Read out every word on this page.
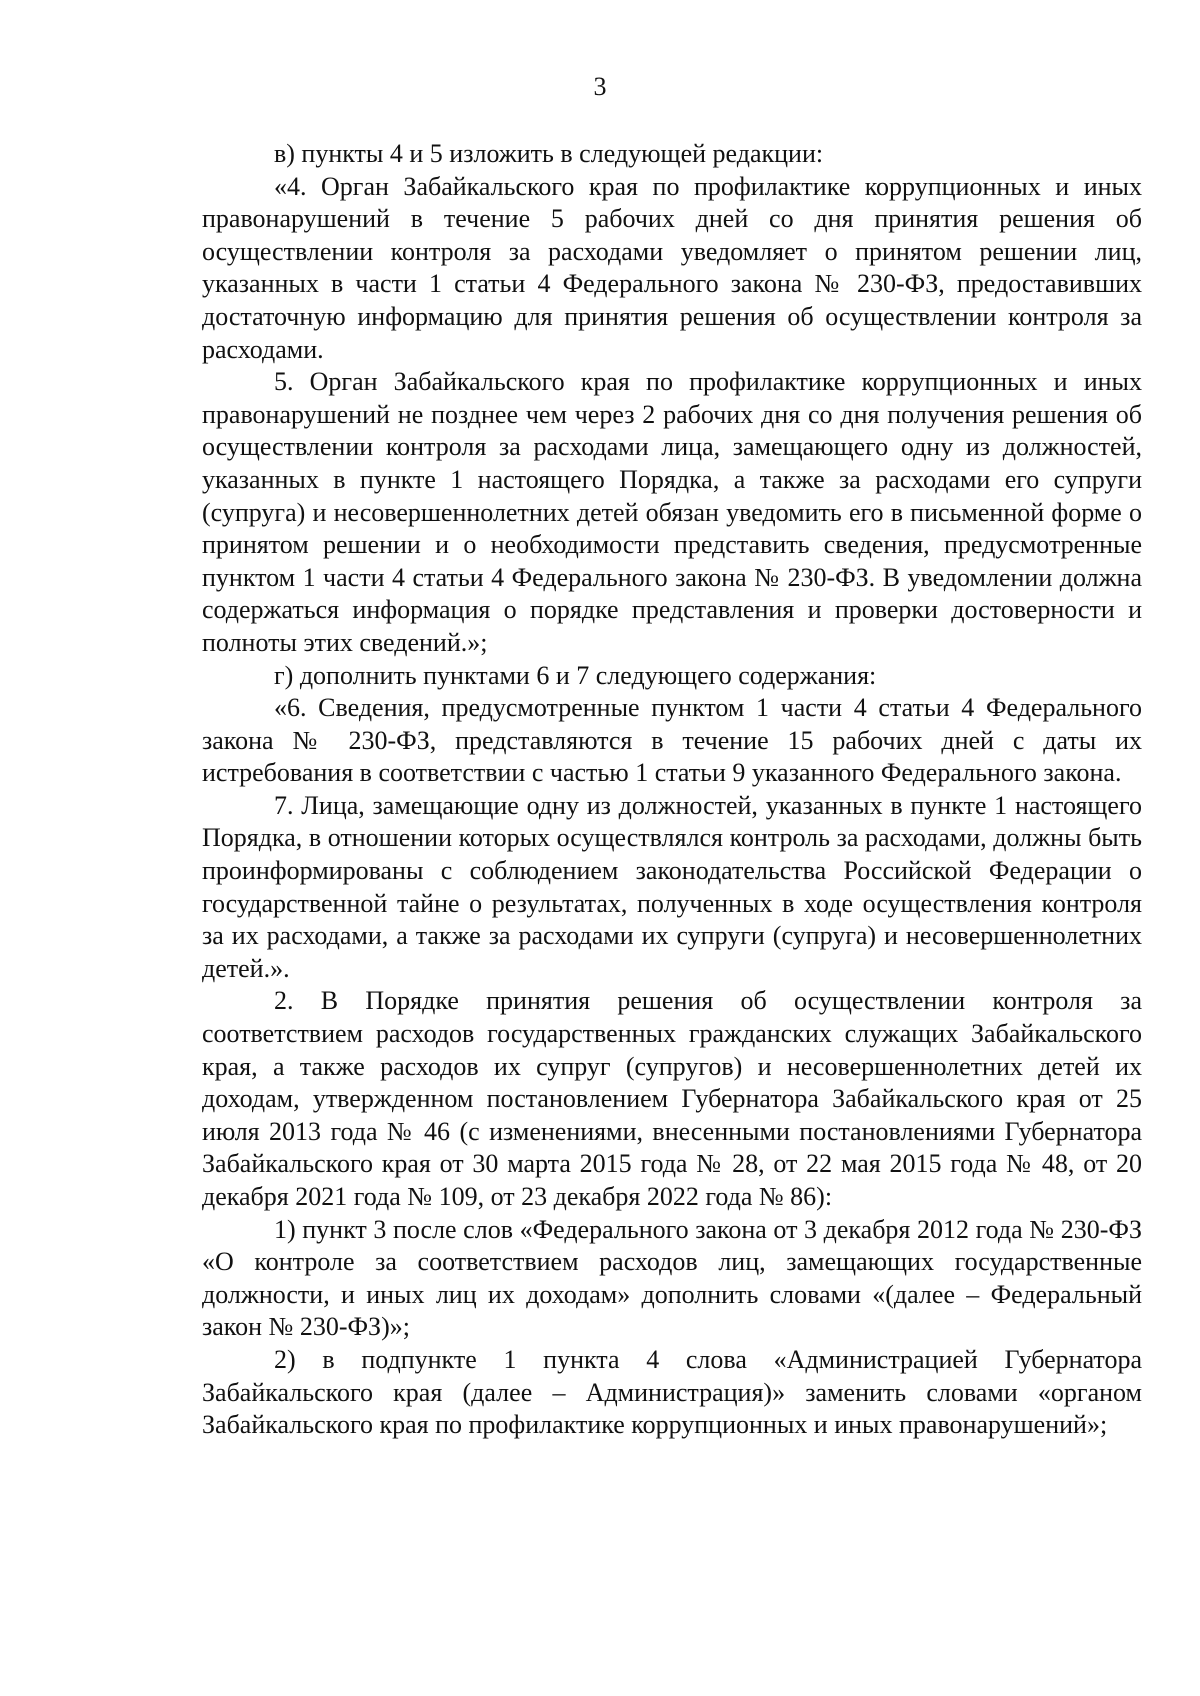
3

в) пункты 4 и 5 изложить в следующей редакции:

«4. Орган Забайкальского края по профилактике коррупционных и иных правонарушений в течение 5 рабочих дней со дня принятия решения об осуществлении контроля за расходами уведомляет о принятом решении лиц, указанных в части 1 статьи 4 Федерального закона № 230-ФЗ, предоставивших достаточную информацию для принятия решения об осуществлении контроля за расходами.

5. Орган Забайкальского края по профилактике коррупционных и иных правонарушений не позднее чем через 2 рабочих дня со дня получения решения об осуществлении контроля за расходами лица, замещающего одну из должностей, указанных в пункте 1 настоящего Порядка, а также за расходами его супруги (супруга) и несовершеннолетних детей обязан уведомить его в письменной форме о принятом решении и о необходимости представить сведения, предусмотренные пунктом 1 части 4 статьи 4 Федерального закона № 230-ФЗ. В уведомлении должна содержаться информация о порядке представления и проверки достоверности и полноты этих сведений.»;

г) дополнить пунктами 6 и 7 следующего содержания:

«6. Сведения, предусмотренные пунктом 1 части 4 статьи 4 Федерального закона № 230-ФЗ, представляются в течение 15 рабочих дней с даты их истребования в соответствии с частью 1 статьи 9 указанного Федерального закона.

7. Лица, замещающие одну из должностей, указанных в пункте 1 настоящего Порядка, в отношении которых осуществлялся контроль за расходами, должны быть проинформированы с соблюдением законодательства Российской Федерации о государственной тайне о результатах, полученных в ходе осуществления контроля за их расходами, а также за расходами их супруги (супруга) и несовершеннолетних детей.».

2. В Порядке принятия решения об осуществлении контроля за соответствием расходов государственных гражданских служащих Забайкальского края, а также расходов их супруг (супругов) и несовершеннолетних детей их доходам, утвержденном постановлением Губернатора Забайкальского края от 25 июля 2013 года № 46 (с изменениями, внесенными постановлениями Губернатора Забайкальского края от 30 марта 2015 года № 28, от 22 мая 2015 года № 48, от 20 декабря 2021 года № 109, от 23 декабря 2022 года № 86):

1) пункт 3 после слов «Федерального закона от 3 декабря 2012 года № 230-ФЗ «О контроле за соответствием расходов лиц, замещающих государственные должности, и иных лиц их доходам» дополнить словами «(далее – Федеральный закон № 230-ФЗ)»;

2) в подпункте 1 пункта 4 слова «Администрацией Губернатора Забайкальского края (далее – Администрация)» заменить словами «органом Забайкальского края по профилактике коррупционных и иных правонарушений»;
